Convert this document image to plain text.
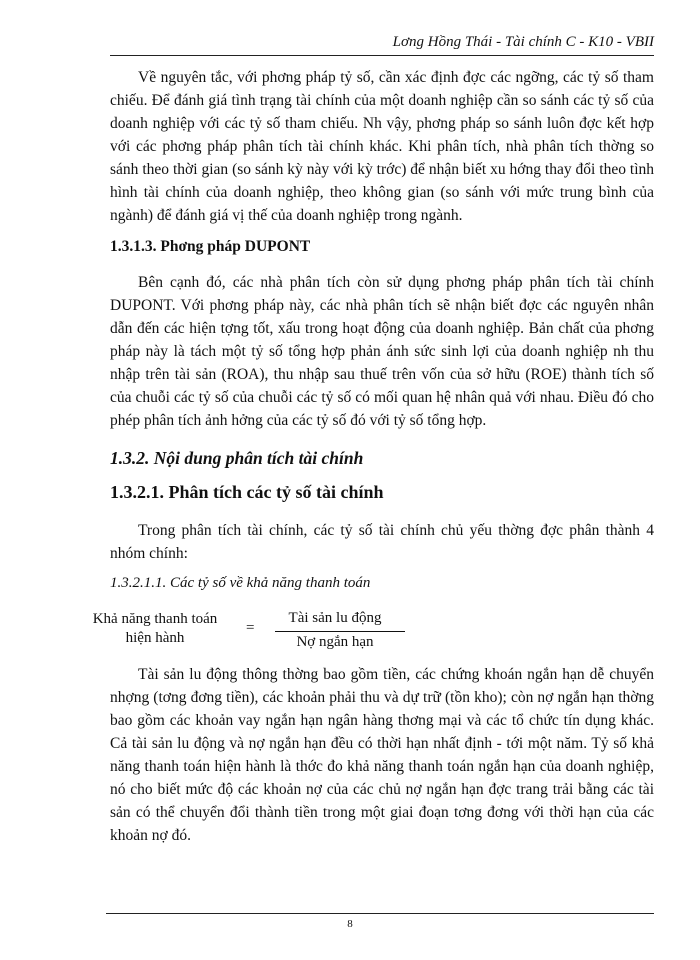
Lơng Hồng Thái - Tài chính C - K10 - VBII
Về nguyên tắc, với phơng pháp tỷ số, cần xác định đợc các ngỡng, các tỷ số tham chiếu. Để đánh giá tình trạng tài chính của một doanh nghiệp cần so sánh các tỷ số của doanh nghiệp với các tỷ số tham chiếu. Nh vậy, phơng pháp so sánh luôn đợc kết hợp với các phơng pháp phân tích tài chính khác. Khi phân tích, nhà phân tích thờng so sánh theo thời gian (so sánh kỳ này với kỳ trớc) để nhận biết xu hớng thay đổi theo tình hình tài chính của doanh nghiệp, theo không gian (so sánh với mức trung bình của ngành) để đánh giá vị thế của doanh nghiệp trong ngành.
1.3.1.3. Phơng pháp DUPONT
Bên cạnh đó, các nhà phân tích còn sử dụng phơng pháp phân tích tài chính DUPONT. Với phơng pháp này, các nhà phân tích sẽ nhận biết đợc các nguyên nhân dẫn đến các hiện tợng tốt, xấu trong hoạt động của doanh nghiệp. Bản chất của phơng pháp này là tách một tỷ số tổng hợp phản ánh sức sinh lợi của doanh nghiệp nh thu nhập trên tài sản (ROA), thu nhập sau thuế trên vốn của sở hữu (ROE) thành tích số của chuỗi các tỷ số của chuỗi các tỷ số có mối quan hệ nhân quả với nhau. Điều đó cho phép phân tích ảnh hởng của các tỷ số đó với tỷ số tổng hợp.
1.3.2. Nội dung phân tích tài chính
1.3.2.1. Phân tích các tỷ số tài chính
Trong phân tích tài chính, các tỷ số tài chính chủ yếu thờng đợc phân thành 4 nhóm chính:
1.3.2.1.1. Các tỷ số về khả năng thanh toán
Khả năng thanh toán
hiện hành
=
Tài sản lu động
Nợ ngắn hạn
Tài sản lu động thông thờng bao gồm tiền, các chứng khoán ngắn hạn dễ chuyển nhợng (tơng đơng tiền), các khoản phải thu và dự trữ (tồn kho); còn nợ ngắn hạn thờng bao gồm các khoản vay ngắn hạn ngân hàng thơng mại và các tổ chức tín dụng khác. Cả tài sản lu động và nợ ngắn hạn đều có thời hạn nhất định - tới một năm. Tỷ số khả năng thanh toán hiện hành là thớc đo khả năng thanh toán ngắn hạn của doanh nghiệp, nó cho biết mức độ các khoản nợ của các chủ nợ ngắn hạn đợc trang trải bằng các tài sản có thể chuyển đổi thành tiền trong một giai đoạn tơng đơng với thời hạn của các khoản nợ đó.
8
